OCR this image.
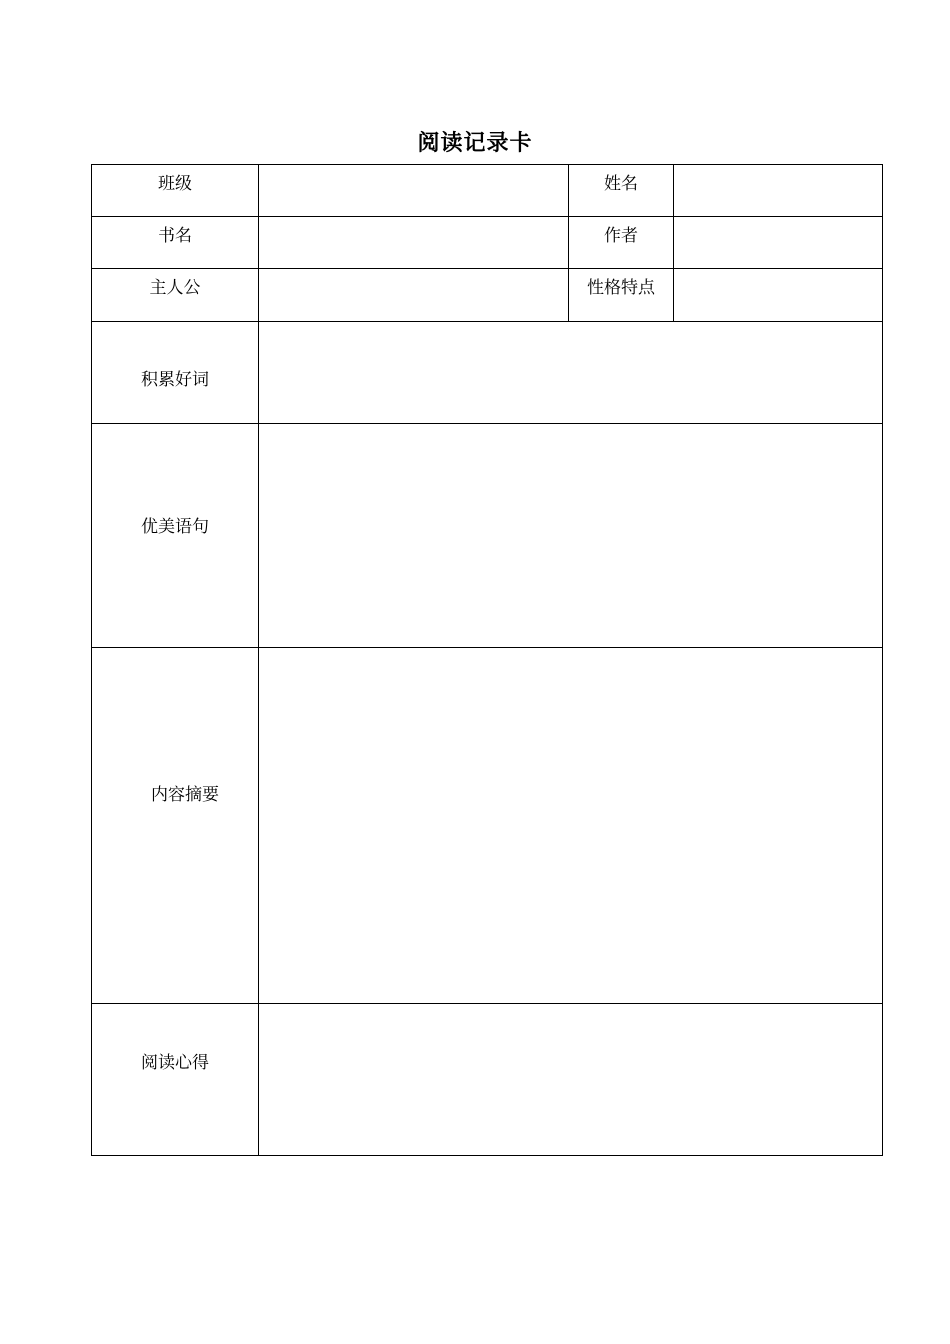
阅读记录卡
班级		姓名	
书名		作者	
主人公		性格特点	
积累好词			
优美语句			
内容摘要			
阅读心得			
